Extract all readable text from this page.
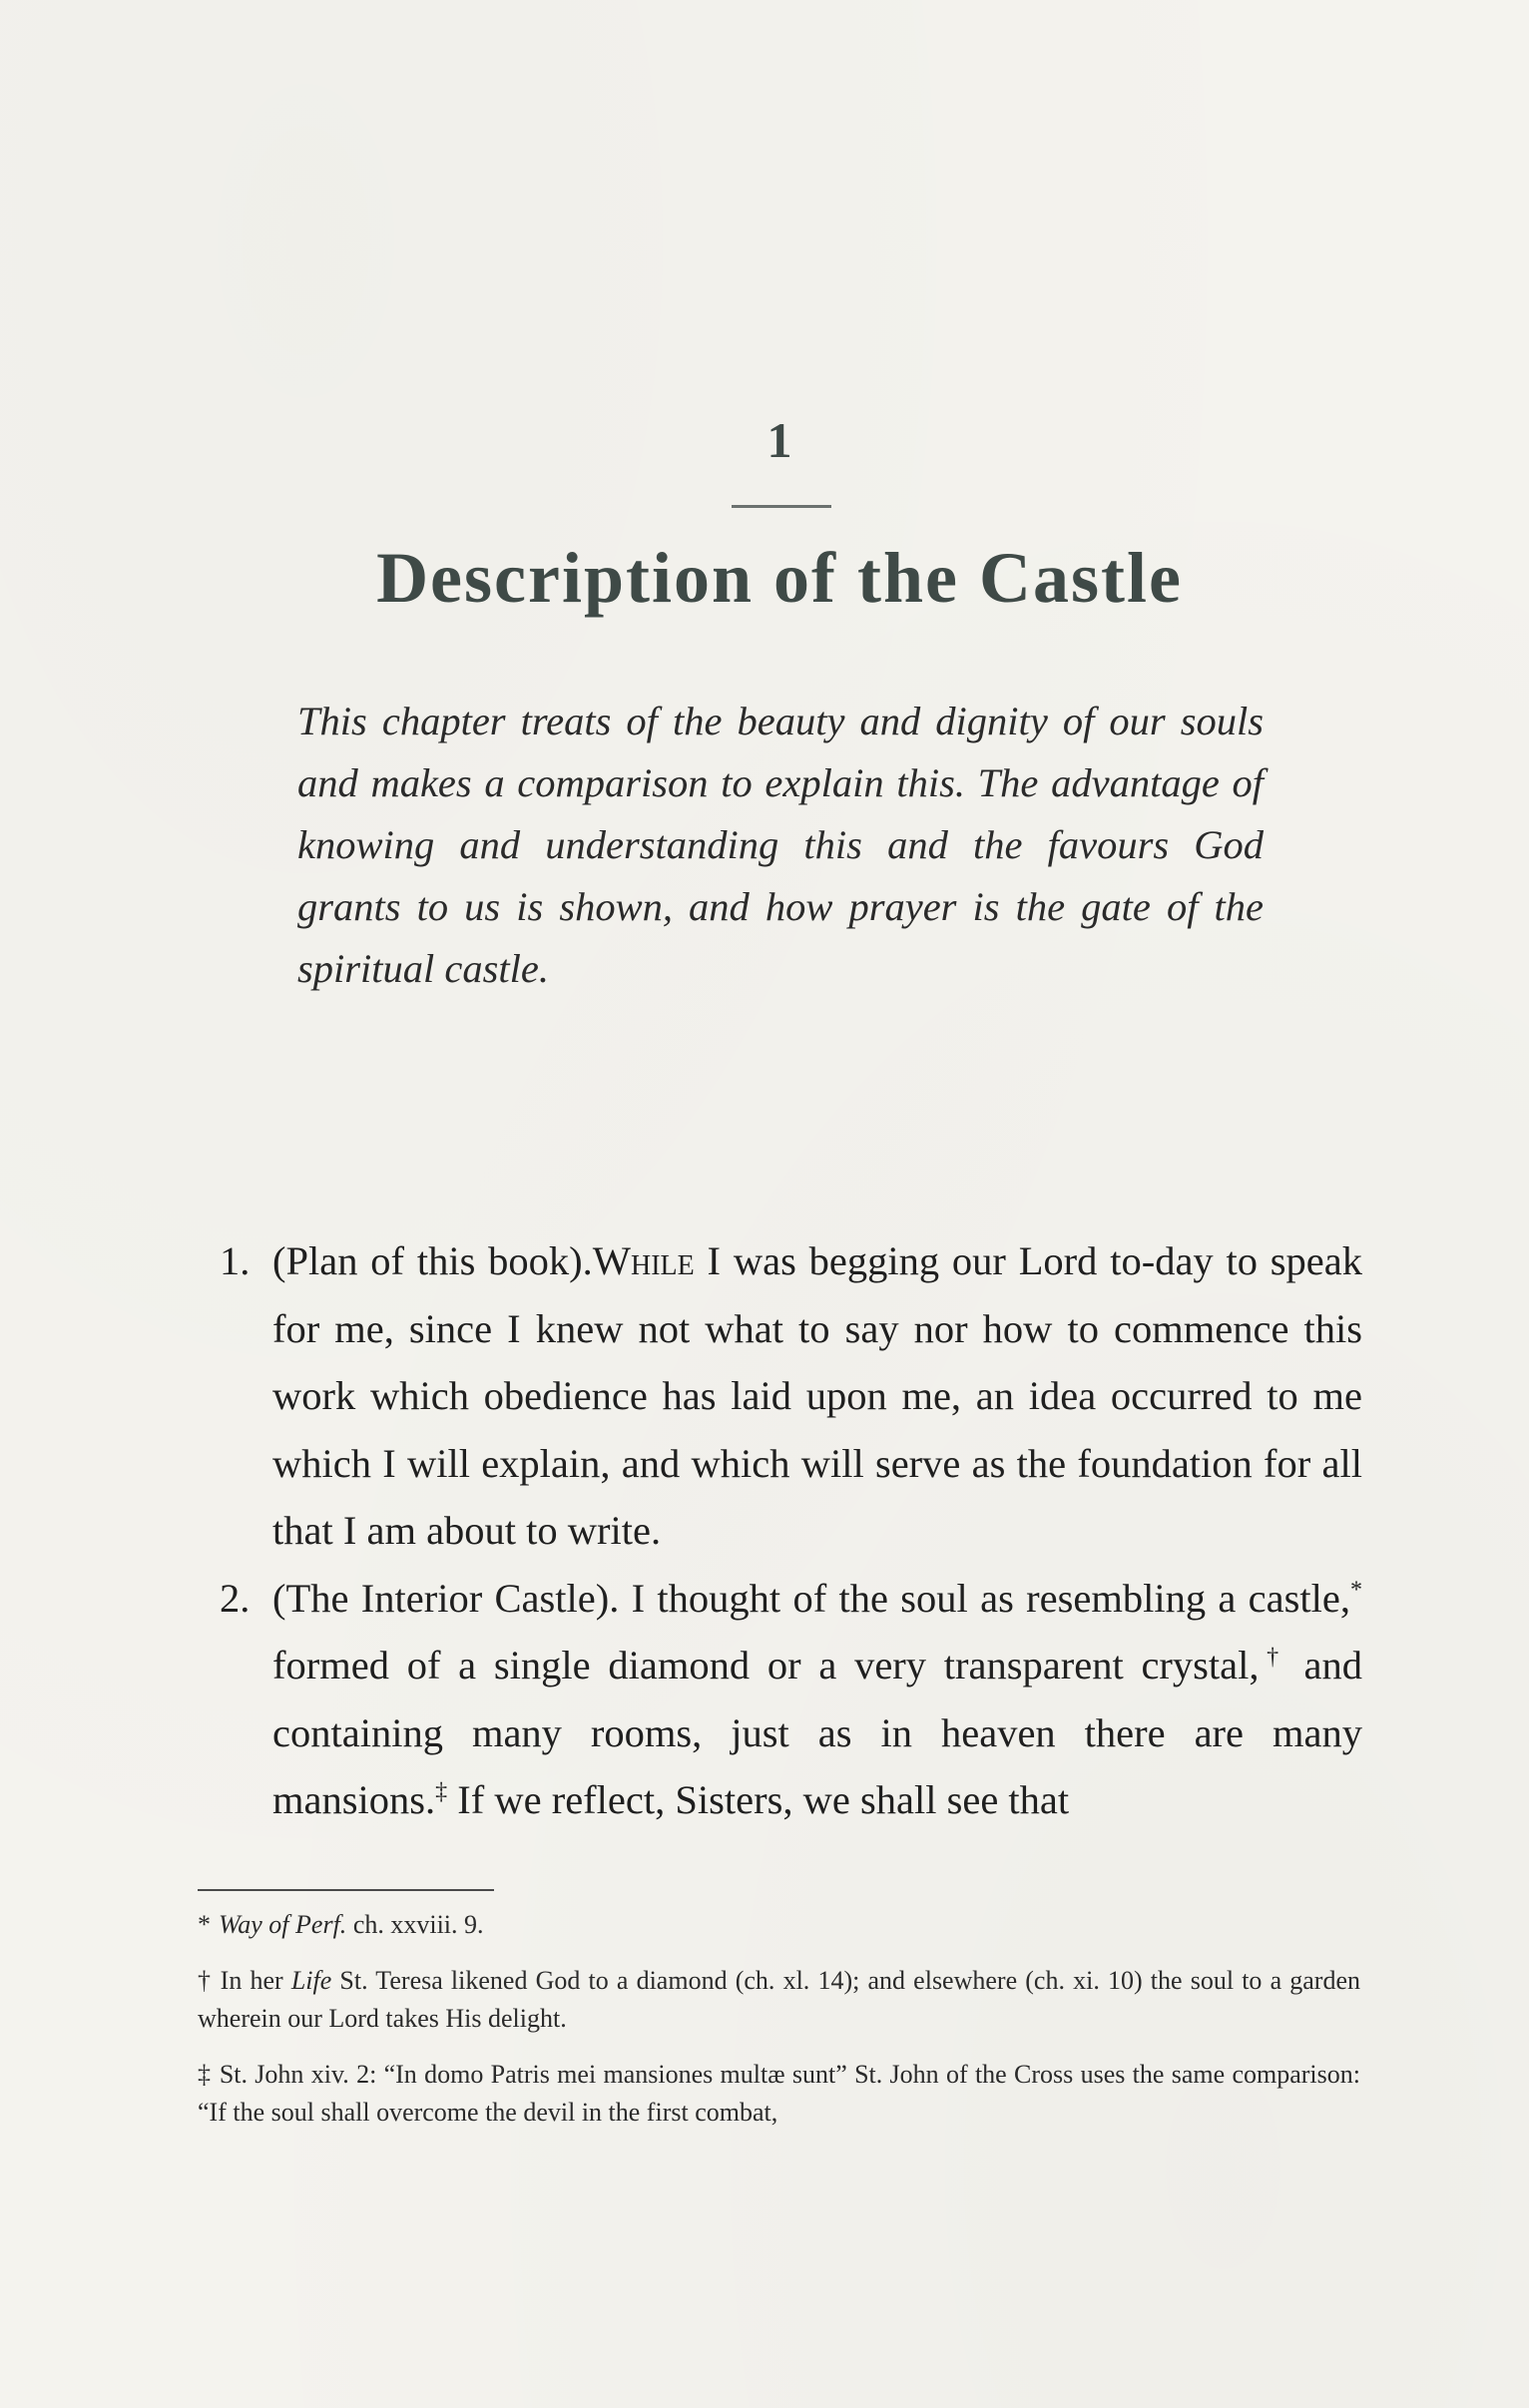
1
Description of the Castle

This chapter treats of the beauty and dignity of our souls and makes a comparison to explain this. The advantage of knowing and understanding this and the favours God grants to us is shown, and how prayer is the gate of the spiritual castle.

1. (Plan of this book).While I was begging our Lord to-day to speak for me, since I knew not what to say nor how to commence this work which obedience has laid upon me, an idea occurred to me which I will explain, and which will serve as the foundation for all that I am about to write.
2. (The Interior Castle). I thought of the soul as resembling a castle,* formed of a single diamond or a very transparent crystal,† and containing many rooms, just as in heaven there are many mansions.‡ If we reflect, Sisters, we shall see that
* Way of Perf. ch. xxviii. 9.
† In her Life St. Teresa likened God to a diamond (ch. xl. 14); and elsewhere (ch. xi. 10) the soul to a garden wherein our Lord takes His delight.
‡ St. John xiv. 2: “In domo Patris mei mansiones multæ sunt” St. John of the Cross uses the same comparison: “If the soul shall overcome the devil in the first combat,
